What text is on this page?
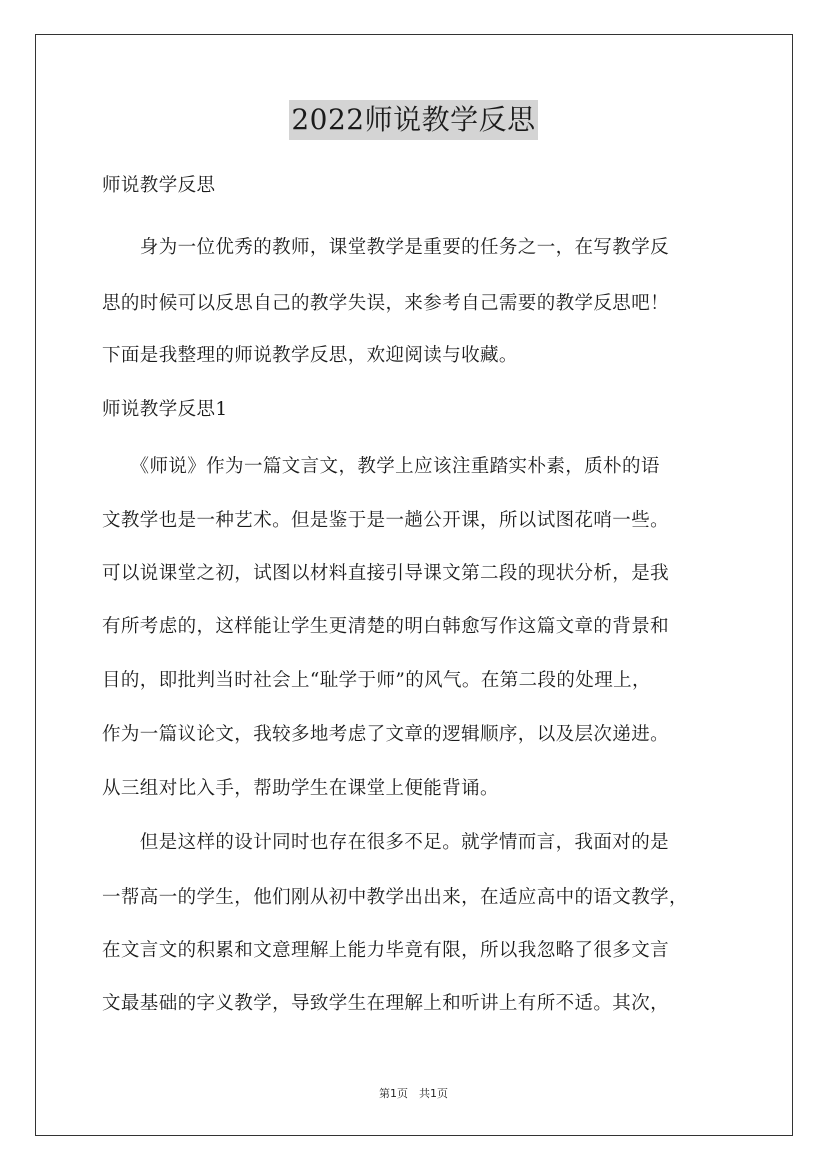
2022师说教学反思
师说教学反思
　　身为一位优秀的教师，课堂教学是重要的任务之一，在写教学反
思的时候可以反思自己的教学失误，来参考自己需要的教学反思吧！
下面是我整理的师说教学反思，欢迎阅读与收藏。
师说教学反思1
　　《师说》作为一篇文言文，教学上应该注重踏实朴素，质朴的语
文教学也是一种艺术。但是鉴于是一趟公开课，所以试图花哨一些。
可以说课堂之初，试图以材料直接引导课文第二段的现状分析，是我
有所考虑的，这样能让学生更清楚的明白韩愈写作这篇文章的背景和
目的，即批判当时社会上“耻学于师”的风气。在第二段的处理上，
作为一篇议论文，我较多地考虑了文章的逻辑顺序，以及层次递进。
从三组对比入手，帮助学生在课堂上便能背诵。
　　但是这样的设计同时也存在很多不足。就学情而言，我面对的是
一帮高一的学生，他们刚从初中教学出出来，在适应高中的语文教学，
在文言文的积累和文意理解上能力毕竟有限，所以我忽略了很多文言
文最基础的字义教学，导致学生在理解上和听讲上有所不适。其次，
第1页　共1页
